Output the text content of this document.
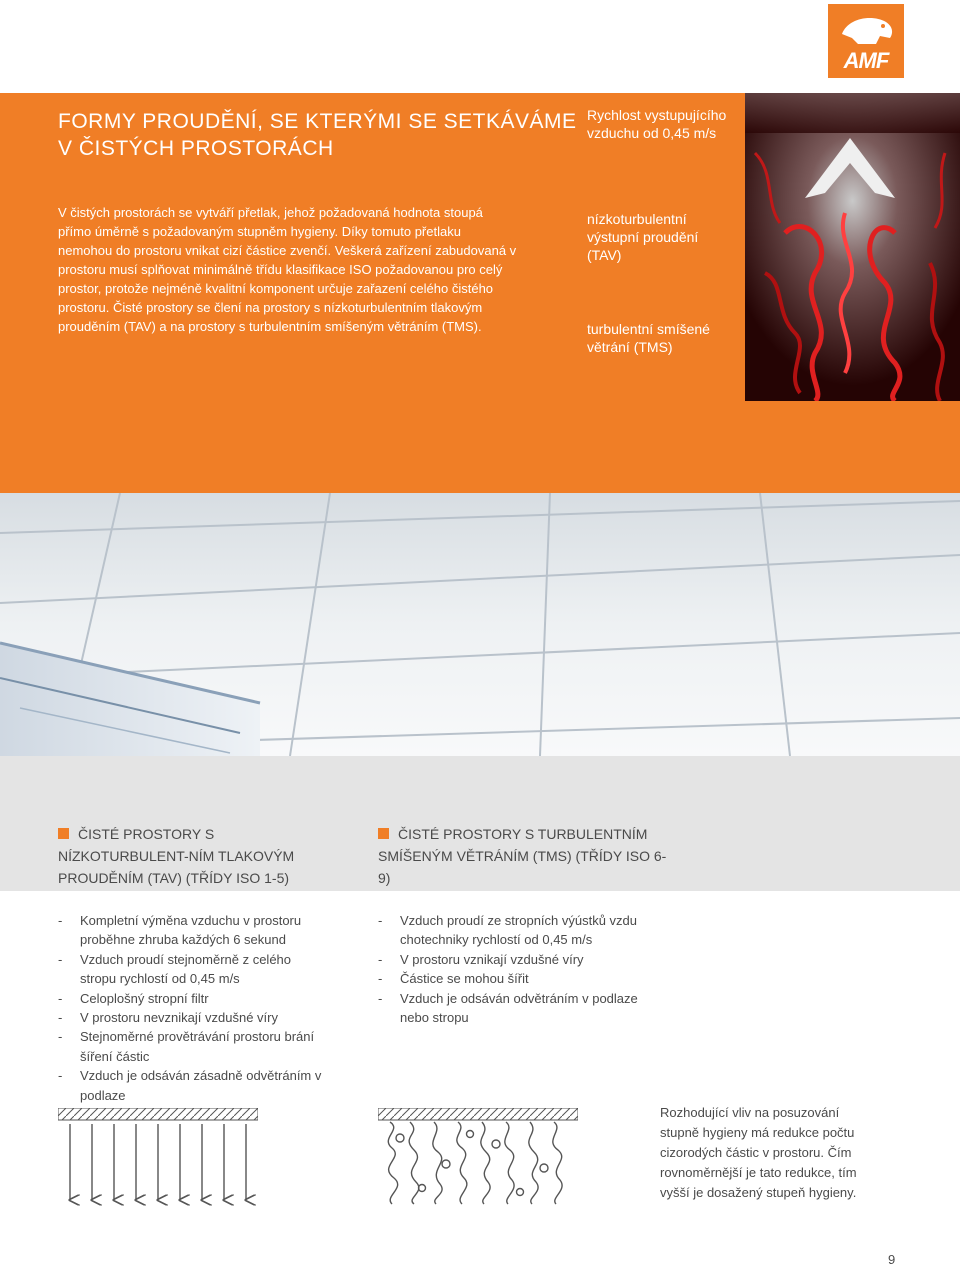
AMF
FORMY PROUDĚNÍ, SE KTERÝMI SE SETKÁVÁME V ČISTÝCH PROSTORÁCH
V čistých prostorách se vytváří přetlak, jehož požadovaná hodnota stoupá přímo úměrně s požadovaným stupněm hygieny. Díky tomuto přetlaku nemohou do prostoru vnikat cizí částice zvenčí. Veškerá zařízení zabudovaná v prostoru musí splňovat minimálně třídu klasifikace ISO požadovanou pro celý prostor, protože nejméně kvalitní komponent určuje zařazení celého čistého prostoru. Čisté prostory se člení na prostory s nízkoturbulentním tlakovým prouděním (TAV) a na prostory s turbulentním smíšeným větráním (TMS).
Rychlost vystupujícího vzduchu od 0,45 m/s
nízkoturbulentní výstupní proudění (TAV)
turbulentní smíšené větrání (TMS)
ČISTÉ PROSTORY S NÍZKOTURBULENT-NÍM TLAKOVÝM PROUDĚNÍM (TAV) (TŘÍDY ISO 1-5)
ČISTÉ PROSTORY S TURBULENTNÍM SMÍŠENÝM VĚTRÁNÍM (TMS) (TŘÍDY ISO 6-9)
- Kompletní výměna vzduchu v prostoru proběhne zhruba každých 6 sekund
- Vzduch proudí stejnoměrně z celého stropu rychlostí od 0,45 m/s
- Celoplošný stropní filtr
- V prostoru nevznikají vzdušné víry
- Stejnoměrné provětrávání prostoru brání šíření částic
- Vzduch je odsáván zásadně odvětráním v podlaze
- Vzduch proudí ze stropních výústků vzdu chotechniky rychlostí od 0,45 m/s
- V prostoru vznikají vzdušné víry
- Částice se mohou šířit
- Vzduch je odsáván odvětráním v podlaze nebo stropu
Rozhodující vliv na posuzování stupně hygieny má redukce počtu cizorodých částic v prostoru. Čím rovnoměrnější je tato redukce, tím vyšší je dosažený stupeň hygieny.
9
